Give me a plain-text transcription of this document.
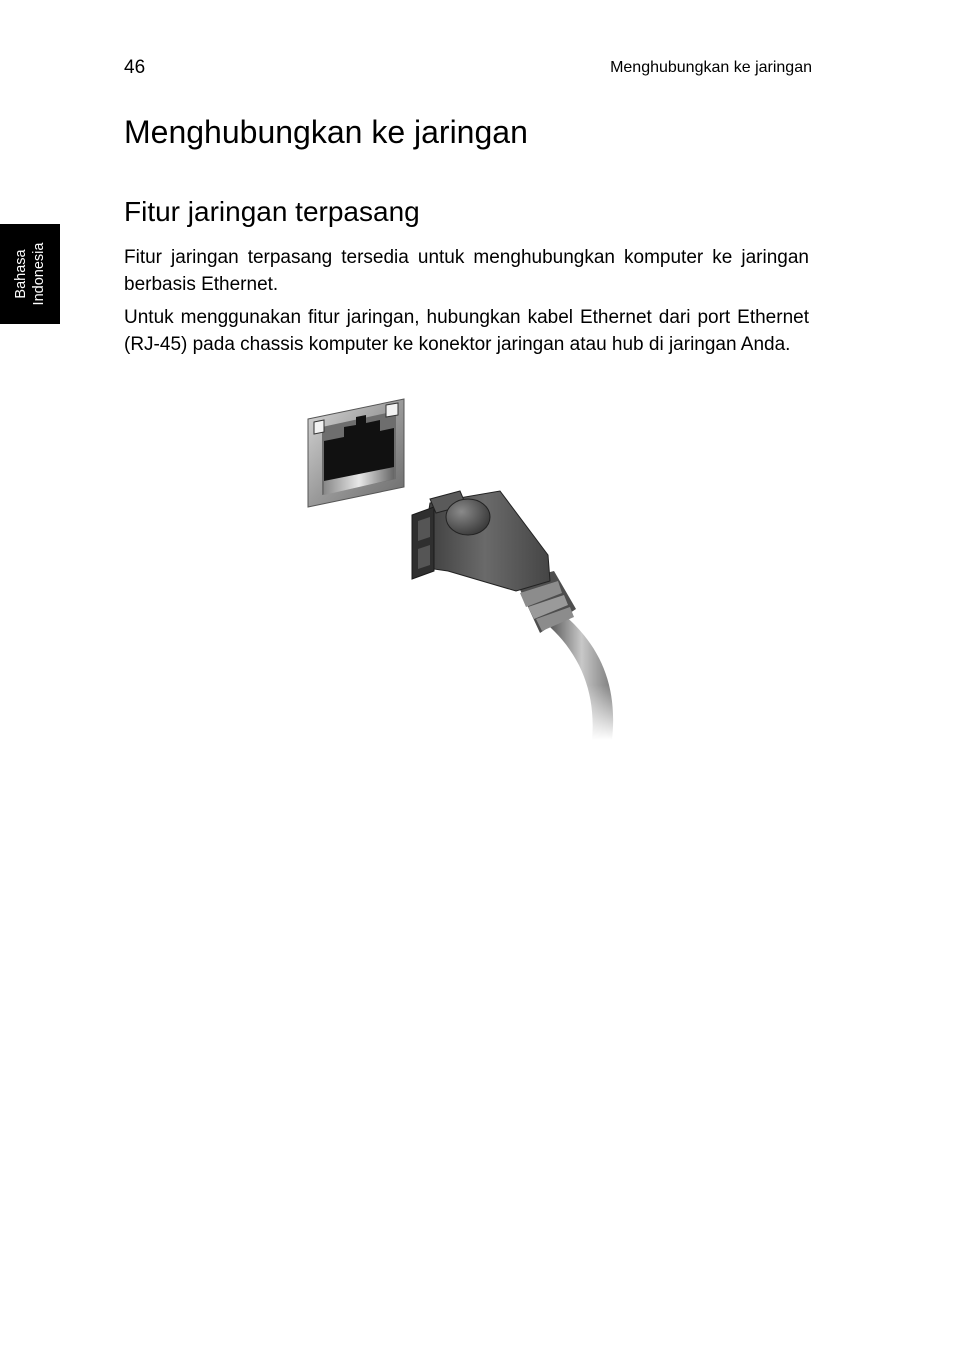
46	Menghubungkan ke jaringan
Menghubungkan ke jaringan
Bahasa Indonesia
Fitur jaringan terpasang

Fitur jaringan terpasang tersedia untuk menghubungkan komputer ke jaringan berbasis Ethernet.

Untuk menggunakan fitur jaringan, hubungkan kabel Ethernet dari port Ethernet (RJ-45) pada chassis komputer ke konektor jaringan atau hub di jaringan Anda.
